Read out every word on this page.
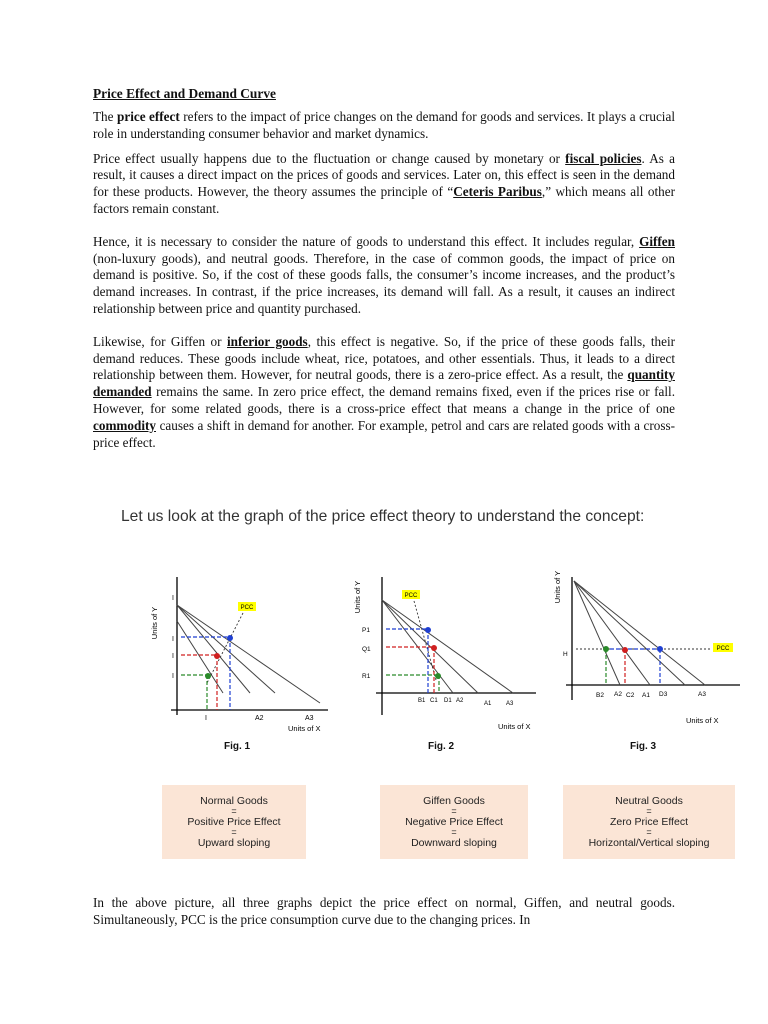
Price Effect and Demand Curve

The price effect refers to the impact of price changes on the demand for goods and services. It plays a crucial role in understanding consumer behavior and market dynamics.

Price effect usually happens due to the fluctuation or change caused by monetary or fiscal policies. As a result, it causes a direct impact on the prices of goods and services. Later on, this effect is seen in the demand for these products. However, the theory assumes the principle of “Ceteris Paribus,” which means all other factors remain constant.

Hence, it is necessary to consider the nature of goods to understand this effect. It includes regular, Giffen (non-luxury goods), and neutral goods. Therefore, in the case of common goods, the impact of price on demand is positive. So, if the cost of these goods falls, the consumer’s income increases, and the product’s demand increases. In contrast, if the price increases, its demand will fall. As a result, it causes an indirect relationship between price and quantity purchased.

Likewise, for Giffen or inferior goods, this effect is negative. So, if the price of these goods falls, their demand reduces. These goods include wheat, rice, potatoes, and other essentials. Thus, it leads to a direct relationship between them. However, for neutral goods, there is a zero-price effect. As a result, the quantity demanded remains the same. In zero price effect, the demand remains fixed, even if the prices rise or fall. However, for some related goods, there is a cross-price effect that means a change in the price of one commodity causes a shift in demand for another. For example, petrol and cars are related goods with a cross-price effect.

Let us look at the graph of the price effect theory to understand the concept:
Units of Y	PCC
I
I
I
I
I	A2	A3
Units of X
Fig. 1
Units of Y	PCC
P1
Q1
R1
B1 C1 D1 A2	A1 A3
Units of X
Fig. 2
Units of Y
PCC
H
B2 A2 C2 A1 D3	A3
Units of X
Fig. 3
Normal Goods
=
Positive Price Effect
=
Upward sloping
Giffen Goods
=
Negative Price Effect
=
Downward sloping
Neutral Goods
=
Zero Price Effect
=
Horizontal/Vertical sloping

In the above picture, all three graphs depict the price effect on normal, Giffen, and neutral goods. Simultaneously, PCC is the price consumption curve due to the changing prices. In
